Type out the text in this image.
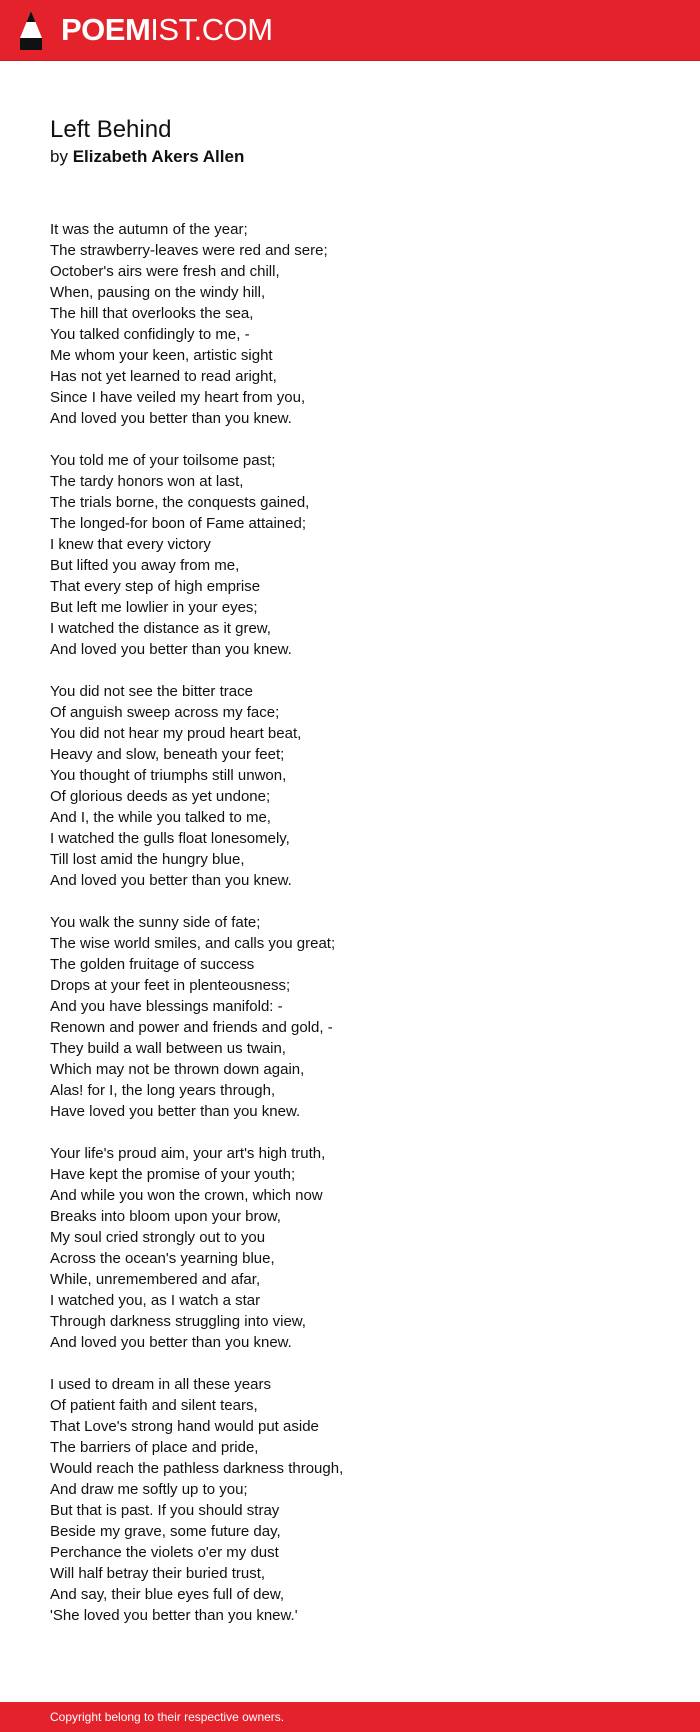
POEMIST.COM
Left Behind
by Elizabeth Akers Allen
It was the autumn of the year;
The strawberry-leaves were red and sere;
October's airs were fresh and chill,
When, pausing on the windy hill,
The hill that overlooks the sea,
You talked confidingly to me, -
Me whom your keen, artistic sight
Has not yet learned to read aright,
Since I have veiled my heart from you,
And loved you better than you knew.
You told me of your toilsome past;
The tardy honors won at last,
The trials borne, the conquests gained,
The longed-for boon of Fame attained;
I knew that every victory
But lifted you away from me,
That every step of high emprise
But left me lowlier in your eyes;
I watched the distance as it grew,
And loved you better than you knew.
You did not see the bitter trace
Of anguish sweep across my face;
You did not hear my proud heart beat,
Heavy and slow, beneath your feet;
You thought of triumphs still unwon,
Of glorious deeds as yet undone;
And I, the while you talked to me,
I watched the gulls float lonesomely,
Till lost amid the hungry blue,
And loved you better than you knew.
You walk the sunny side of fate;
The wise world smiles, and calls you great;
The golden fruitage of success
Drops at your feet in plenteousness;
And you have blessings manifold: -
Renown and power and friends and gold, -
They build a wall between us twain,
Which may not be thrown down again,
Alas! for I, the long years through,
Have loved you better than you knew.
Your life's proud aim, your art's high truth,
Have kept the promise of your youth;
And while you won the crown, which now
Breaks into bloom upon your brow,
My soul cried strongly out to you
Across the ocean's yearning blue,
While, unremembered and afar,
I watched you, as I watch a star
Through darkness struggling into view,
And loved you better than you knew.
I used to dream in all these years
Of patient faith and silent tears,
That Love's strong hand would put aside
The barriers of place and pride,
Would reach the pathless darkness through,
And draw me softly up to you;
But that is past. If you should stray
Beside my grave, some future day,
Perchance the violets o'er my dust
Will half betray their buried trust,
And say, their blue eyes full of dew,
'She loved you better than you knew.'
Copyright belong to their respective owners.
